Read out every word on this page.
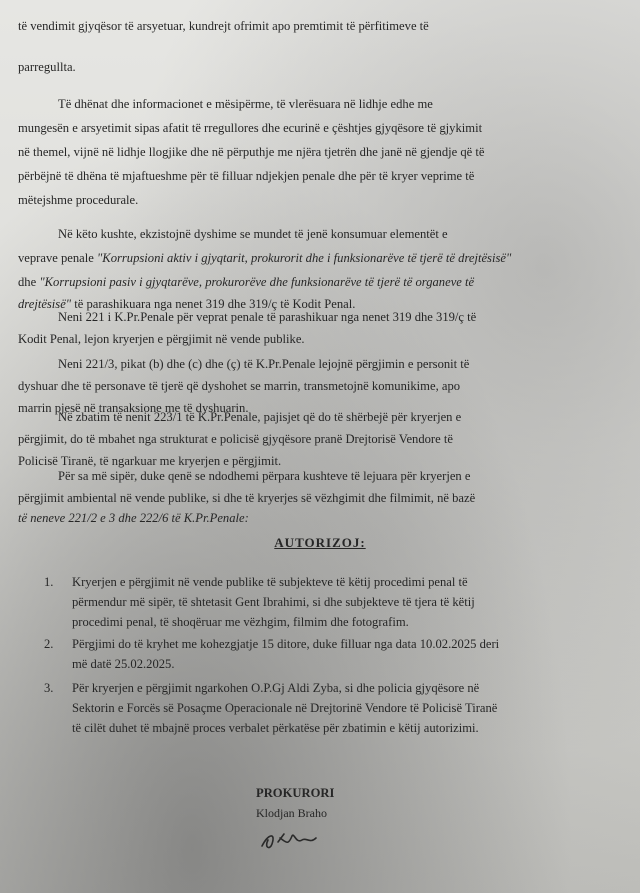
të vendimit gjyqësor të arsyetuar, kundrejt ofrimit apo premtimit të përfitimeve të
parregullta.
Të dhënat dhe informacionet e mësipërme, të vlerësuara në lidhje edhe me
mungesën e arsyetimit sipas afatit të rregullores dhe ecurinë e çështjes gjyqësore të gjykimit
në themel, vijnë në lidhje llogjike dhe në përputhje me njëra tjetrën dhe janë në gjendje që të
përbëjnë të dhëna të mjaftueshme për të filluar ndjekjen penale dhe për të kryer veprime të
mëtejshme procedurale.
Në këto kushte, ekzistojnë dyshime se mundet të jenë konsumuar elementët e
veprave penale "Korrupsioni aktiv i gjyqtarit, prokurorit dhe i funksionarëve të tjerë të drejtësisë"
dhe "Korrupsioni pasiv i gjyqtarëve, prokurorëve dhe funksionarëve të tjerë të organeve të
drejtësisë" të parashikuara nga nenet 319 dhe 319/ç të Kodit Penal.
Neni 221 i K.Pr.Penale për veprat penale të parashikuar nga nenet 319 dhe 319/ç të
Kodit Penal, lejon kryerjen e përgjimit në vende publike.
Neni 221/3, pikat (b) dhe (c) dhe (ç) të K.Pr.Penale lejojnë përgjimin e personit të
dyshuar dhe të personave të tjerë që dyshohet se marrin, transmetojnë komunikime, apo
marrin pjesë në transaksione me të dyshuarin.
Në zbatim të nenit 223/1 të K.Pr.Penale, pajisjet që do të shërbejë për kryerjen e
përgjimit, do të mbahet nga strukturat e policisë gjyqësore pranë Drejtorisë Vendore të
Policisë Tiranë, të ngarkuar me kryerjen e përgjimit.
Për sa më sipër, duke qenë se ndodhemi përpara kushteve të lejuara për kryerjen e
përgjimit ambiental në vende publike, si dhe të kryerjes së vëzhgimit dhe filmimit, në bazë
të neneve 221/2 e 3 dhe 222/6 të K.Pr.Penale:
AUTORIZOJ:
1. Kryerjen e përgjimit në vende publike të subjekteve të këtij procedimi penal të
përmendur më sipër, të shtetasit Gent Ibrahimi, si dhe subjekteve të tjera të këtij
procedimi penal, të shoqëruar me vëzhgim, filmim dhe fotografim.
2. Përgjimi do të kryhet me kohezgjatje 15 ditore, duke filluar nga data 10.02.2025 deri
më datë 25.02.2025.
3. Për kryerjen e përgjimit ngarkohen O.P.Gj Aldi Zyba, si dhe policia gjyqësore në
Sektorin e Forcës së Posaçme Operacionale në Drejtorinë Vendore të Policisë Tiranë
të cilët duhet të mbajnë proces verbalet përkatëse për zbatimin e këtij autorizimi.
PROKURORI
Klodjan Braho
